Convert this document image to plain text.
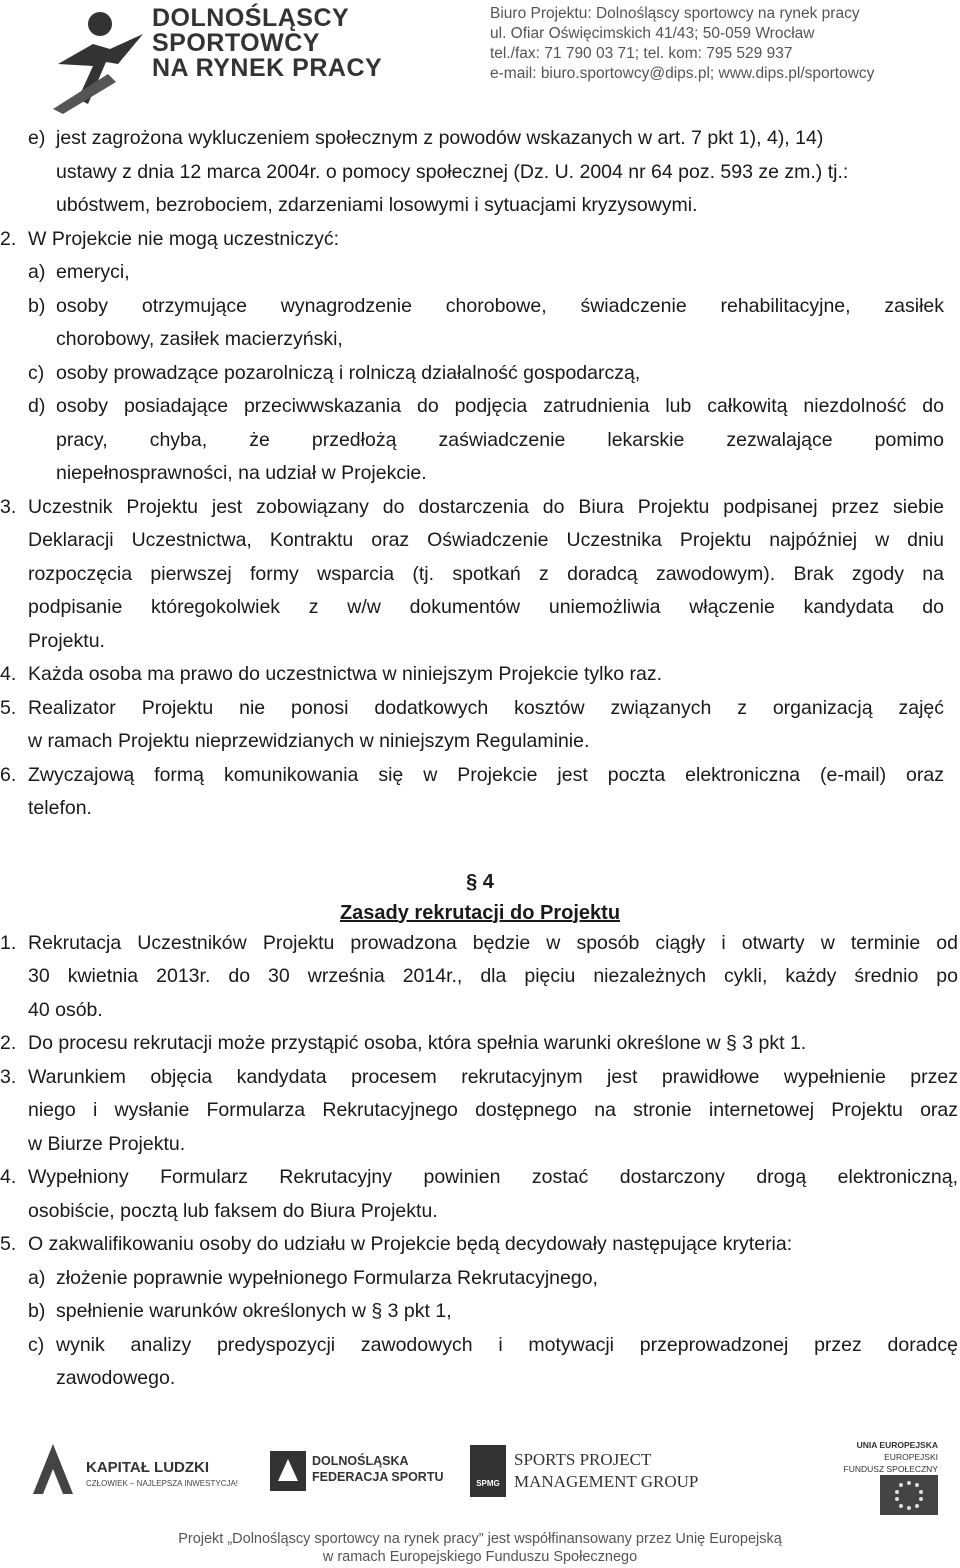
DOLNOŚLĄSCY
SPORTOWCY
NA RYNEK PRACY
Biuro Projektu: Dolnośląscy sportowcy na rynek pracy
ul. Ofiar Oświęcimskich 41/43; 50-059 Wrocław
tel./fax: 71 790 03 71; tel. kom: 795 529 937
e-mail: biuro.sportowcy@dips.pl; www.dips.pl/sportowcy
e) jest zagrożona wykluczeniem społecznym z powodów wskazanych w art. 7 pkt 1), 4), 14)
ustawy z dnia 12 marca 2004r. o pomocy społecznej (Dz. U. 2004 nr 64 poz. 593 ze zm.) tj.:
ubóstwem, bezrobociem, zdarzeniami losowymi i sytuacjami kryzysowymi.
2. W Projekcie nie mogą uczestniczyć:
a) emeryci,
b) osoby otrzymujące wynagrodzenie chorobowe, świadczenie rehabilitacyjne, zasiłek
chorobowy, zasiłek macierzyński,
c) osoby prowadzące pozarolniczą i rolniczą działalność gospodarczą,
d) osoby posiadające przeciwwskazania do podjęcia zatrudnienia lub całkowitą niezdolność do
pracy, chyba, że przedłożą zaświadczenie lekarskie zezwalające pomimo
niepełnosprawności, na udział w Projekcie.
3. Uczestnik Projektu jest zobowiązany do dostarczenia do Biura Projektu podpisanej przez siebie
Deklaracji Uczestnictwa, Kontraktu oraz Oświadczenie Uczestnika Projektu najpóźniej w dniu
rozpoczęcia pierwszej formy wsparcia (tj. spotkań z doradcą zawodowym). Brak zgody na
podpisanie któregokolwiek z w/w dokumentów uniemożliwia włączenie kandydata do
Projektu.
4. Każda osoba ma prawo do uczestnictwa w niniejszym Projekcie tylko raz.
5. Realizator Projektu nie ponosi dodatkowych kosztów związanych z organizacją zajęć
w ramach Projektu nieprzewidzianych w niniejszym Regulaminie.
6. Zwyczajową formą komunikowania się w Projekcie jest poczta elektroniczna (e-mail) oraz
telefon.
§ 4
Zasady rekrutacji do Projektu
1. Rekrutacja Uczestników Projektu prowadzona będzie w sposób ciągły i otwarty w terminie od
30 kwietnia 2013r. do 30 września 2014r., dla pięciu niezależnych cykli, każdy średnio po
40 osób.
2. Do procesu rekrutacji może przystąpić osoba, która spełnia warunki określone w § 3 pkt 1.
3. Warunkiem objęcia kandydata procesem rekrutacyjnym jest prawidłowe wypełnienie przez
niego i wysłanie Formularza Rekrutacyjnego dostępnego na stronie internetowej Projektu oraz
w Biurze Projektu.
4. Wypełniony Formularz Rekrutacyjny powinien zostać dostarczony drogą elektroniczną,
osobiście, pocztą lub faksem do Biura Projektu.
5. O zakwalifikowaniu osoby do udziału w Projekcie będą decydowały następujące kryteria:
a) złożenie poprawnie wypełnionego Formularza Rekrutacyjnego,
b) spełnienie warunków określonych w § 3 pkt 1,
c) wynik analizy predyspozycji zawodowych i motywacji przeprowadzonej przez doradcę
zawodowego.
KAPITAŁ LUDZKI
CZŁOWIEK – NAJLEPSZA INWESTYCJA!
DOLNOŚLĄSKA
FEDERACJA SPORTU	SPMG
SPORTS PROJECT
MANAGEMENT GROUP
UNIA EUROPEJSKA
EUROPEJSKI
FUNDUSZ SPOŁECZNY
Projekt „Dolnośląscy sportowcy na rynek pracy” jest współfinansowany przez Unię Europejską
w ramach Europejskiego Funduszu Społecznego
